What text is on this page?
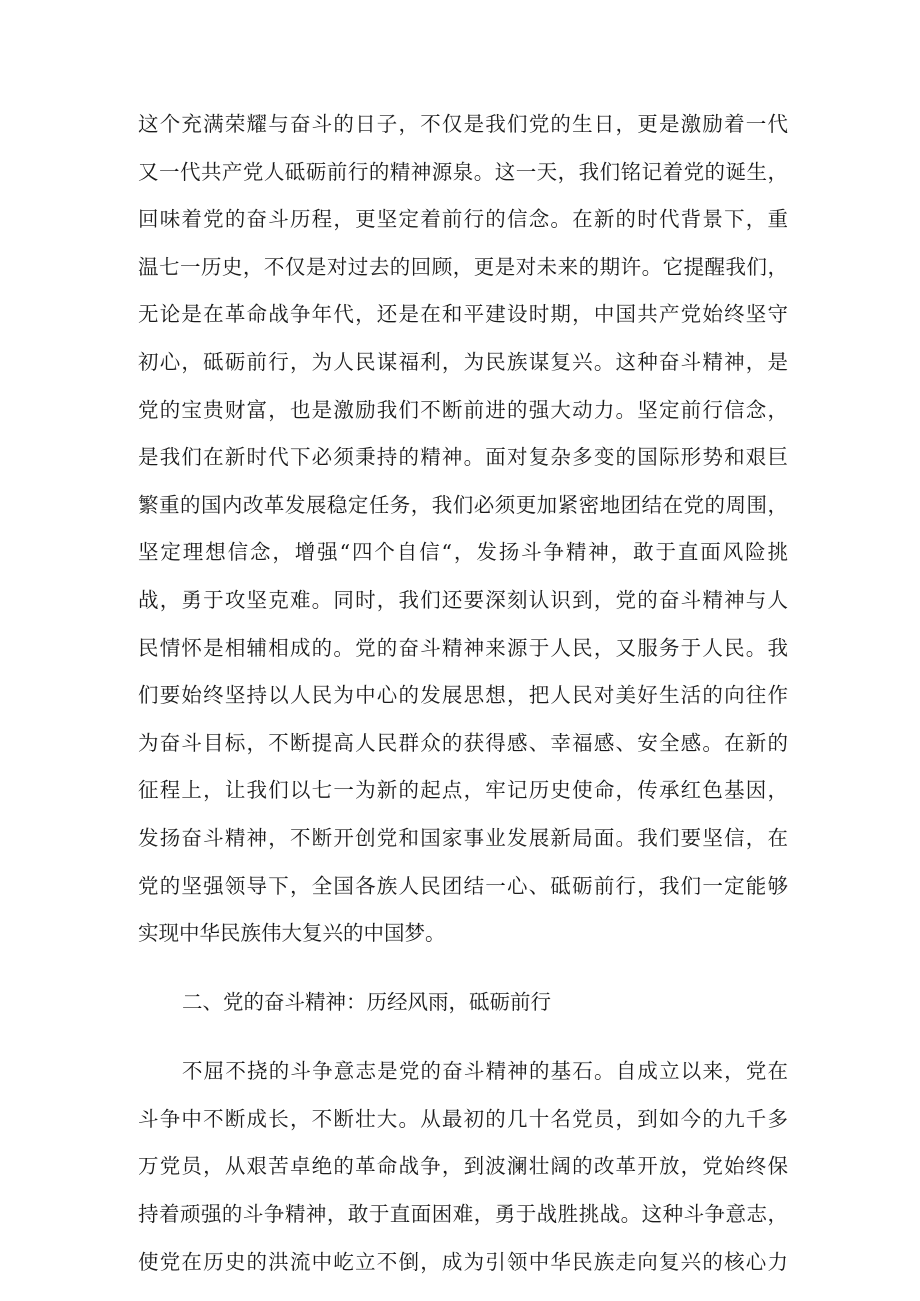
这个充满荣耀与奋斗的日子，不仅是我们党的生日，更是激励着一代
又一代共产党人砥砺前行的精神源泉。这一天，我们铭记着党的诞生，
回味着党的奋斗历程，更坚定着前行的信念。在新的时代背景下，重
温七一历史，不仅是对过去的回顾，更是对未来的期许。它提醒我们，
无论是在革命战争年代，还是在和平建设时期，中国共产党始终坚守
初心，砥砺前行，为人民谋福利，为民族谋复兴。这种奋斗精神，是
党的宝贵财富，也是激励我们不断前进的强大动力。坚定前行信念，
是我们在新时代下必须秉持的精神。面对复杂多变的国际形势和艰巨
繁重的国内改革发展稳定任务，我们必须更加紧密地团结在党的周围，
坚定理想信念，增强“四个自信“，发扬斗争精神，敢于直面风险挑
战，勇于攻坚克难。同时，我们还要深刻认识到，党的奋斗精神与人
民情怀是相辅相成的。党的奋斗精神来源于人民，又服务于人民。我
们要始终坚持以人民为中心的发展思想，把人民对美好生活的向往作
为奋斗目标，不断提高人民群众的获得感、幸福感、安全感。在新的
征程上，让我们以七一为新的起点，牢记历史使命，传承红色基因，
发扬奋斗精神，不断开创党和国家事业发展新局面。我们要坚信，在
党的坚强领导下，全国各族人民团结一心、砥砺前行，我们一定能够
实现中华民族伟大复兴的中国梦。
二、党的奋斗精神：历经风雨，砥砺前行
不屈不挠的斗争意志是党的奋斗精神的基石。自成立以来，党在
斗争中不断成长，不断壮大。从最初的几十名党员，到如今的九千多
万党员，从艰苦卓绝的革命战争，到波澜壮阔的改革开放，党始终保
持着顽强的斗争精神，敢于直面困难，勇于战胜挑战。这种斗争意志，
使党在历史的洪流中屹立不倒，成为引领中华民族走向复兴的核心力
